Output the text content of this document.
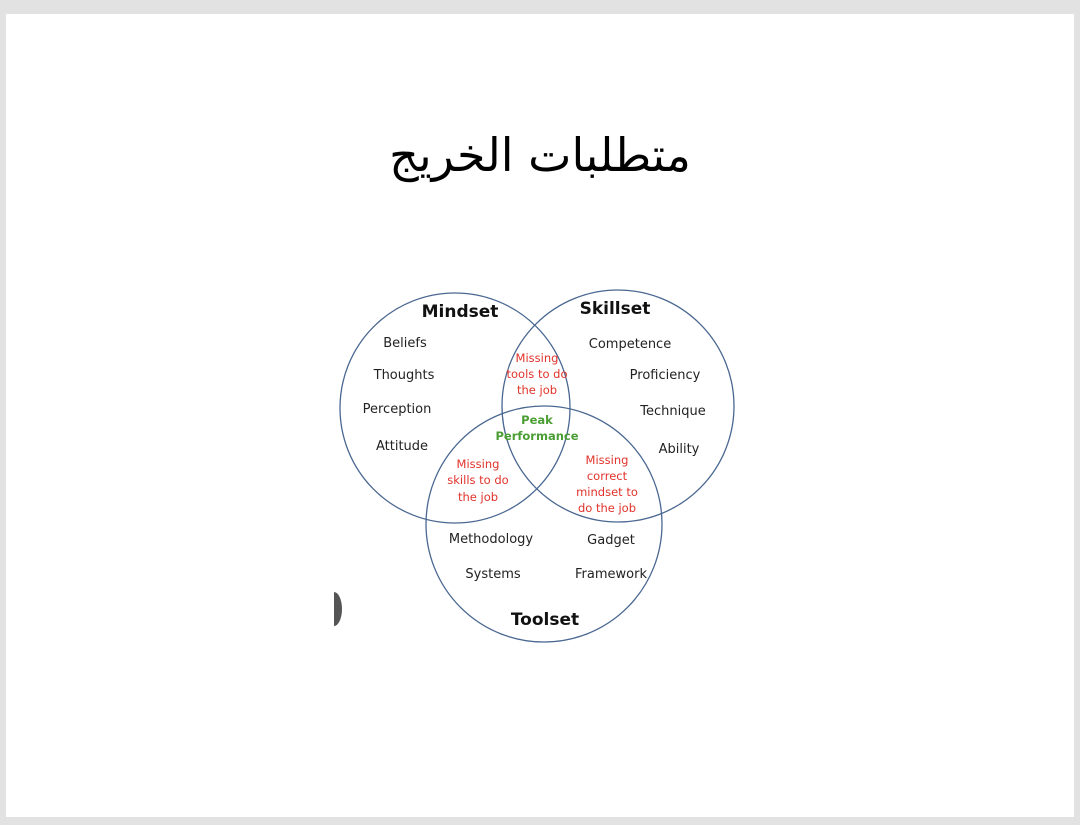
متطلبات الخريج
Mindset	Skillset
Toolset
Beliefs
Thoughts
Perception
Attitude
Competence
Proficiency
Technique
Ability
Methodology	Gadget
Systems	Framework
Missing
tools to do
the job
Peak
Performance
Missing
skills to do
the job
Missing
correct
mindset to
do the job
